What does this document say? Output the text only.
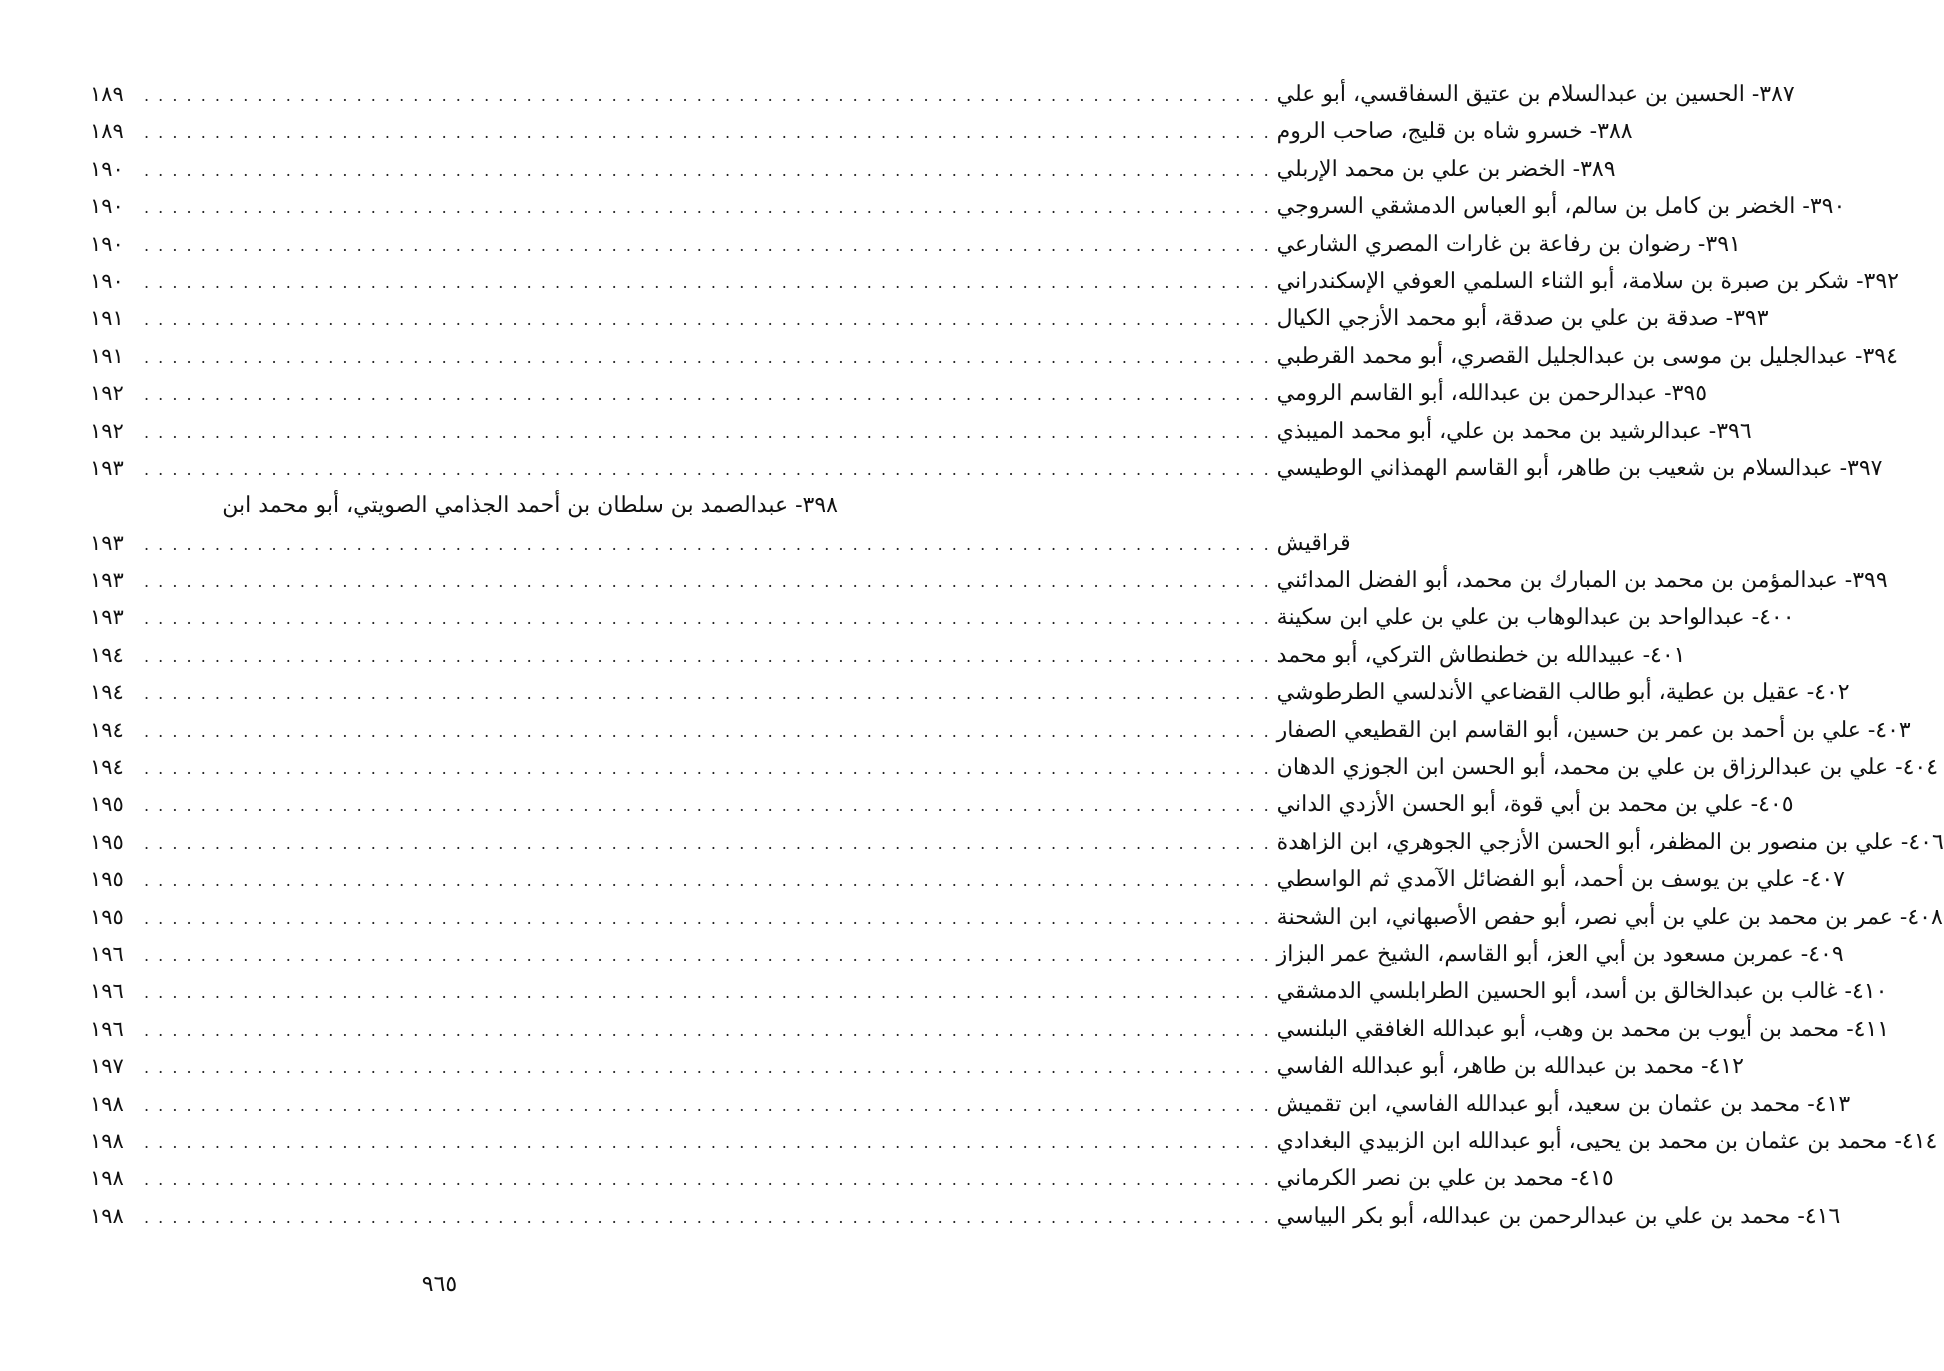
١٨٩ . . .	٣٨٧- الحسين بن عبدالسلام بن عتيق السفاقسي، أبو علي
١٨٩ . . .	٣٨٨- خسرو شاه بن قليج، صاحب الروم
١٩٠ . . .	٣٨٩- الخضر بن علي بن محمد الإربلي
١٩٠ . . .	٣٩٠- الخضر بن كامل بن سالم، أبو العباس الدمشقي السروجي
١٩٠ . . .	٣٩١- رضوان بن رفاعة بن غارات المصري الشارعي
١٩٠ . . .	٣٩٢- شكر بن صبرة بن سلامة، أبو الثناء السلمي العوفي الإسكندراني
١٩١ . . .	٣٩٣- صدقة بن علي بن صدقة، أبو محمد الأزجي الكيال
١٩١ . . .	٣٩٤- عبدالجليل بن موسى بن عبدالجليل القصري، أبو محمد القرطبي
١٩٢ . . .	٣٩٥- عبدالرحمن بن عبدالله، أبو القاسم الرومي
١٩٢ . . .	٣٩٦- عبدالرشيد بن محمد بن علي، أبو محمد الميبذي
١٩٣ . . .	٣٩٧- عبدالسلام بن شعيب بن طاهر، أبو القاسم الهمذاني الوطيسي
٣٩٨- عبدالصمد بن سلطان بن أحمد الجذامي الصويتي، أبو محمد ابن
١٩٣ . . .	قراقيش
١٩٣ . . .	٣٩٩- عبدالمؤمن بن محمد بن المبارك بن محمد، أبو الفضل المدائني
١٩٣ . . .	٤٠٠- عبدالواحد بن عبدالوهاب بن علي بن علي ابن سكينة
١٩٤ . . .	٤٠١- عبيدالله بن خطنطاش التركي، أبو محمد
١٩٤ . . .	٤٠٢- عقيل بن عطية، أبو طالب القضاعي الأندلسي الطرطوشي
١٩٤ . . .	٤٠٣- علي بن أحمد بن عمر بن حسين، أبو القاسم ابن القطيعي الصفار
١٩٤ . . .	٤٠٤- علي بن عبدالرزاق بن علي بن محمد، أبو الحسن ابن الجوزي الدهان
١٩٥ . . .	٤٠٥- علي بن محمد بن أبي قوة، أبو الحسن الأزدي الداني
١٩٥ . . .	٤٠٦- علي بن منصور بن المظفر، أبو الحسن الأزجي الجوهري، ابن الزاهدة
١٩٥ . . .	٤٠٧- علي بن يوسف بن أحمد، أبو الفضائل الآمدي ثم الواسطي
١٩٥ . . .	٤٠٨- عمر بن محمد بن علي بن أبي نصر، أبو حفص الأصبهاني، ابن الشحنة
١٩٦ . . .	٤٠٩- عمربن مسعود بن أبي العز، أبو القاسم، الشيخ عمر البزاز
١٩٦ . . .	٤١٠- غالب بن عبدالخالق بن أسد، أبو الحسين الطرابلسي الدمشقي
١٩٦ . . .	٤١١- محمد بن أيوب بن محمد بن وهب، أبو عبدالله الغافقي البلنسي
١٩٧ . . .	٤١٢- محمد بن عبدالله بن طاهر، أبو عبدالله الفاسي
١٩٨ . . .	٤١٣- محمد بن عثمان بن سعيد، أبو عبدالله الفاسي، ابن تقميش
١٩٨ . . .	٤١٤- محمد بن عثمان بن محمد بن يحيى، أبو عبدالله ابن الزبيدي البغدادي
١٩٨ . . .	٤١٥- محمد بن علي بن نصر الكرماني
١٩٨ . . .	٤١٦- محمد بن علي بن عبدالرحمن بن عبدالله، أبو بكر البياسي
٩٦٥
